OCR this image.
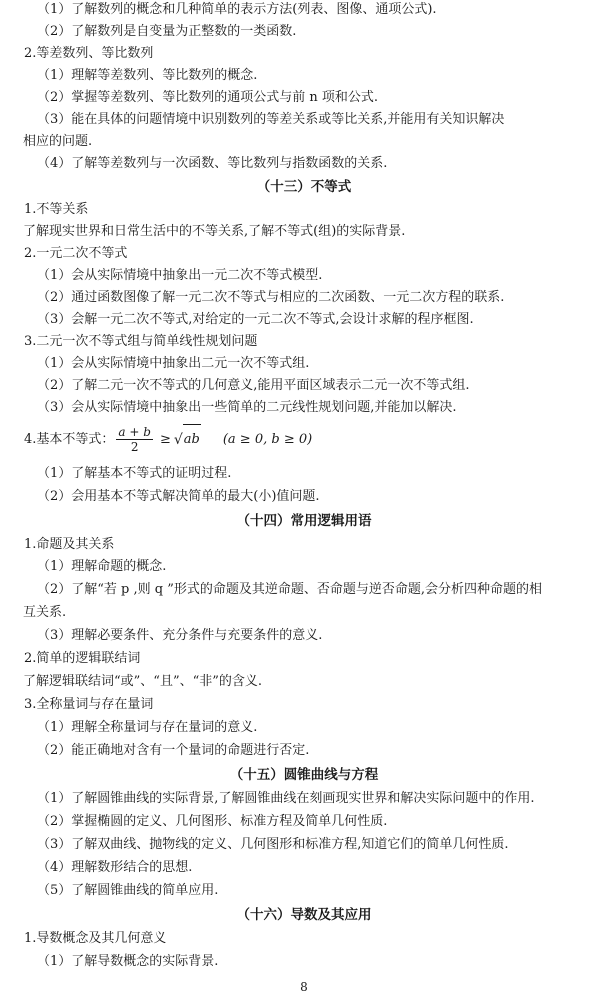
（1）了解数列的概念和几种简单的表示方法(列表、图像、通项公式).
（2）了解数列是自变量为正整数的一类函数.
2.等差数列、等比数列
（1）理解等差数列、等比数列的概念.
（2）掌握等差数列、等比数列的通项公式与前 n 项和公式.
（3）能在具体的问题情境中识别数列的等差关系或等比关系,并能用有关知识解决
相应的问题.
（4）了解等差数列与一次函数、等比数列与指数函数的关系.
（十三）不等式
1.不等关系
了解现实世界和日常生活中的不等关系,了解不等式(组)的实际背景.
2.一元二次不等式
（1）会从实际情境中抽象出一元二次不等式模型.
（2）通过函数图像了解一元二次不等式与相应的二次函数、一元二次方程的联系.
（3）会解一元二次不等式,对给定的一元二次不等式,会设计求解的程序框图.
3.二元一次不等式组与简单线性规划问题
（1）会从实际情境中抽象出二元一次不等式组.
（2）了解二元一次不等式的几何意义,能用平面区域表示二元一次不等式组.
（3）会从实际情境中抽象出一些简单的二元线性规划问题,并能加以解决.
4.基本不等式： $\frac{a + b}{2}$ ≥ √ ab (a ≥ 0, b ≥ 0)
（1）了解基本不等式的证明过程.
（2）会用基本不等式解决简单的最大(小)值问题.
（十四）常用逻辑用语
1.命题及其关系
（1）理解命题的概念.
（2）了解“若 p ,则 q ”形式的命题及其逆命题、否命题与逆否命题,会分析四种命题的相
互关系.
（3）理解必要条件、充分条件与充要条件的意义.
2.简单的逻辑联结词
了解逻辑联结词“或”、“且”、“非”的含义.
3.全称量词与存在量词
（1）理解全称量词与存在量词的意义.
（2）能正确地对含有一个量词的命题进行否定.
（十五）圆锥曲线与方程
（1）了解圆锥曲线的实际背景,了解圆锥曲线在刻画现实世界和解决实际问题中的作用.
（2）掌握椭圆的定义、几何图形、标准方程及简单几何性质.
（3）了解双曲线、抛物线的定义、几何图形和标准方程,知道它们的简单几何性质.
（4）理解数形结合的思想.
（5）了解圆锥曲线的简单应用.
（十六）导数及其应用
1.导数概念及其几何意义
（1）了解导数概念的实际背景.
8
